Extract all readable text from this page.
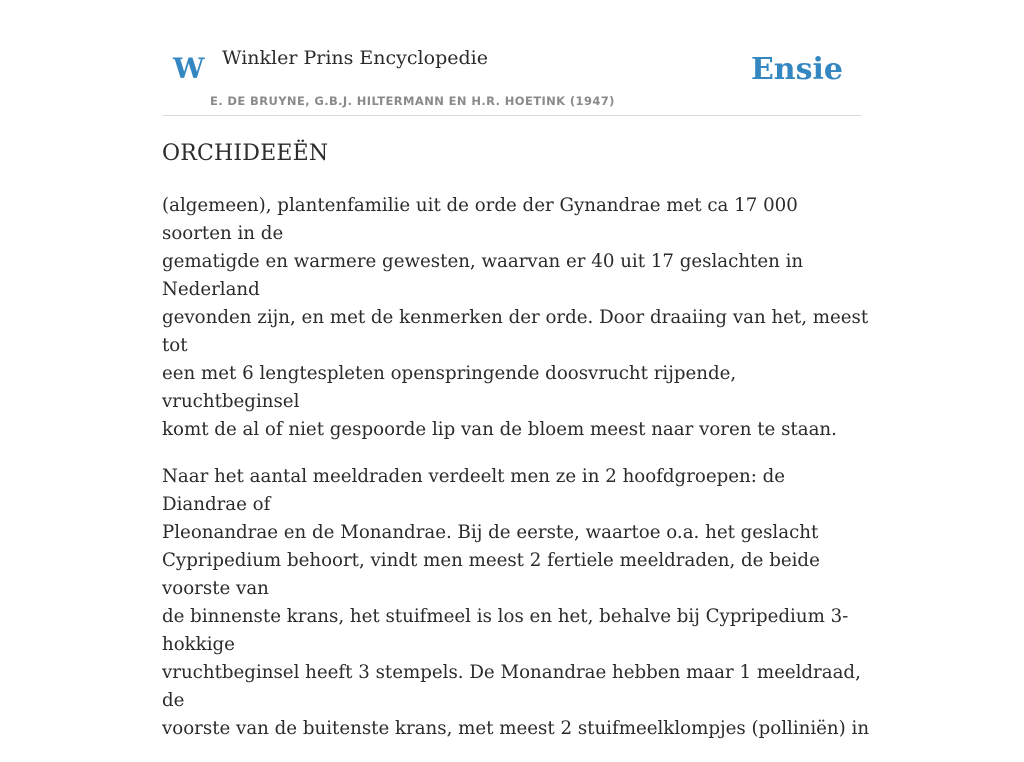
W Winkler Prins Encyclopedie
E. DE BRUYNE, G.B.J. HILTERMANN EN H.R. HOETINK (1947)
Ensie
ORCHIDEEËN

(algemeen), plantenfamilie uit de orde der Gynandrae met ca 17 000 soorten in de
gematigde en warmere gewesten, waarvan er 40 uit 17 geslachten in Nederland
gevonden zijn, en met de kenmerken der orde. Door draaiing van het, meest tot
een met 6 lengtespleten openspringende doosvrucht rijpende, vruchtbeginsel
komt de al of niet gespoorde lip van de bloem meest naar voren te staan.

Naar het aantal meeldraden verdeelt men ze in 2 hoofdgroepen: de Diandrae of
Pleonandrae en de Monandrae. Bij de eerste, waartoe o.a. het geslacht
Cypripedium behoort, vindt men meest 2 fertiele meeldraden, de beide voorste van
de binnenste krans, het stuifmeel is los en het, behalve bij Cypripedium 3-hokkige
vruchtbeginsel heeft 3 stempels. De Monandrae hebben maar 1 meeldraad, de
voorste van de buitenste krans, met meest 2 stuifmeelklompjes (polliniën) in
